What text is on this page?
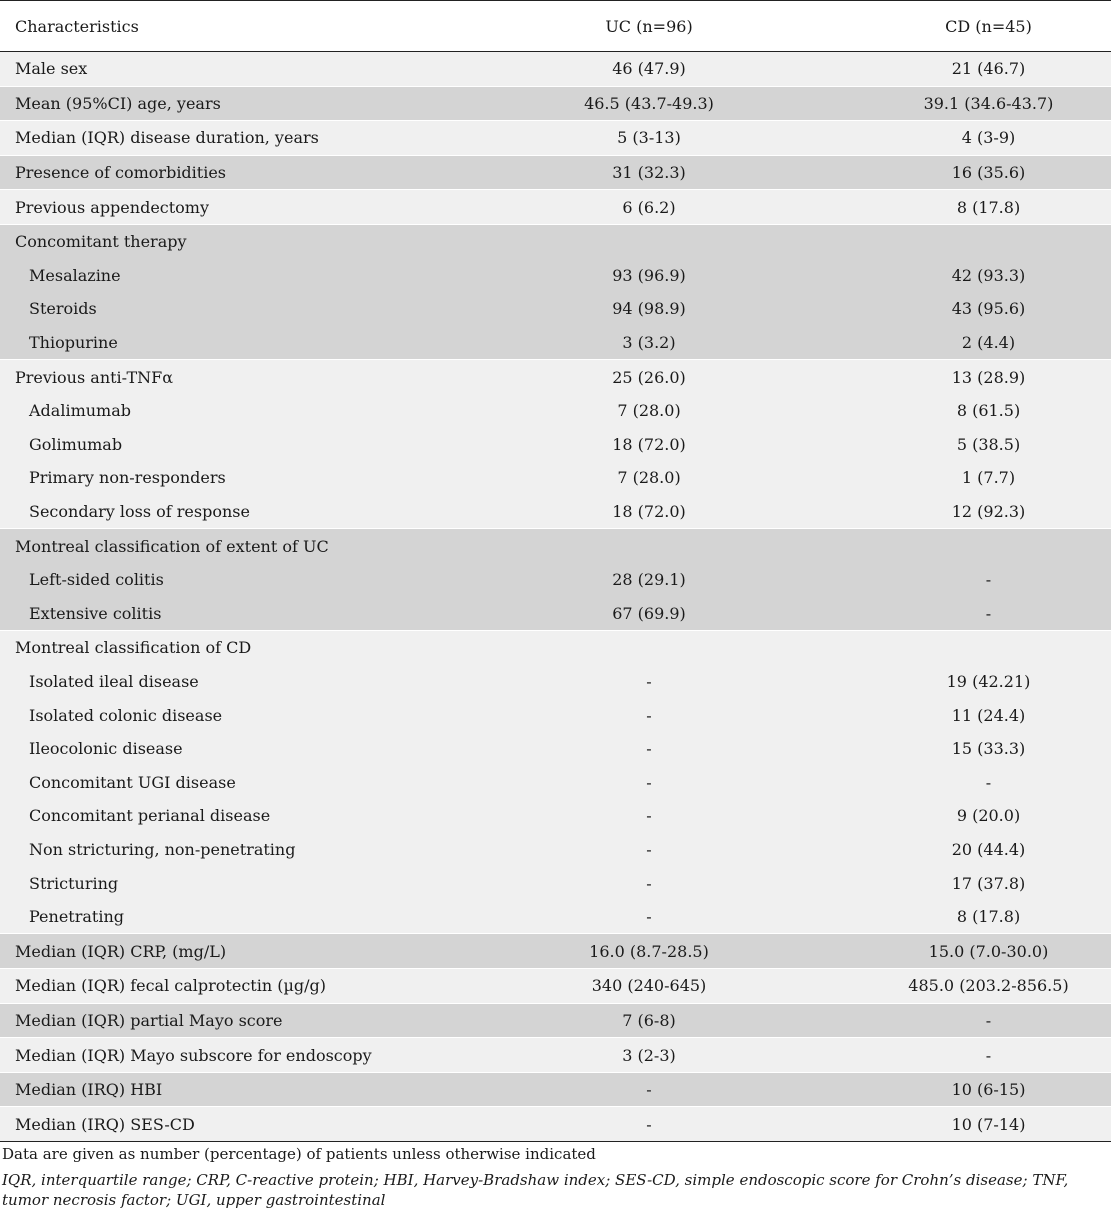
Characteristics	UC (n=96)	CD (n=45)
Male sex	46 (47.9)	21 (46.7)
Mean (95%CI) age, years	46.5 (43.7-49.3)	39.1 (34.6-43.7)
Median (IQR) disease duration, years	5 (3-13)	4 (3-9)
Presence of comorbidities	31 (32.3)	16 (35.6)
Previous appendectomy	6 (6.2)	8 (17.8)
Concomitant therapy		
Mesalazine	93 (96.9)	42 (93.3)
Steroids	94 (98.9)	43 (95.6)
Thiopurine	3 (3.2)	2 (4.4)
Previous anti-TNFα	25 (26.0)	13 (28.9)
Adalimumab	7 (28.0)	8 (61.5)
Golimumab	18 (72.0)	5 (38.5)
Primary non-responders	7 (28.0)	1 (7.7)
Secondary loss of response	18 (72.0)	12 (92.3)
Montreal classification of extent of UC		
Left-sided colitis	28 (29.1)	-
Extensive colitis	67 (69.9)	-
Montreal classification of CD		
Isolated ileal disease	-	19 (42.21)
Isolated colonic disease	-	11 (24.4)
Ileocolonic disease	-	15 (33.3)
Concomitant UGI disease	-	-
Concomitant perianal disease	-	9 (20.0)
Non stricturing, non-penetrating	-	20 (44.4)
Stricturing	-	17 (37.8)
Penetrating	-	8 (17.8)
Median (IQR) CRP, (mg/L)	16.0 (8.7-28.5)	15.0 (7.0-30.0)
Median (IQR) fecal calprotectin (µg/g)	340 (240-645)	485.0 (203.2-856.5)
Median (IQR) partial Mayo score	7 (6-8)	-
Median (IQR) Mayo subscore for endoscopy	3 (2-3)	-
Median (IRQ) HBI	-	10 (6-15)
Median (IRQ) SES-CD	-	10 (7-14)
Data are given as number (percentage) of patients unless otherwise indicated
IQR, interquartile range; CRP, C-reactive protein; HBI, Harvey-Bradshaw index; SES-CD, simple endoscopic score for Crohn’s disease; TNF, tumor necrosis factor; UGI, upper gastrointestinal
